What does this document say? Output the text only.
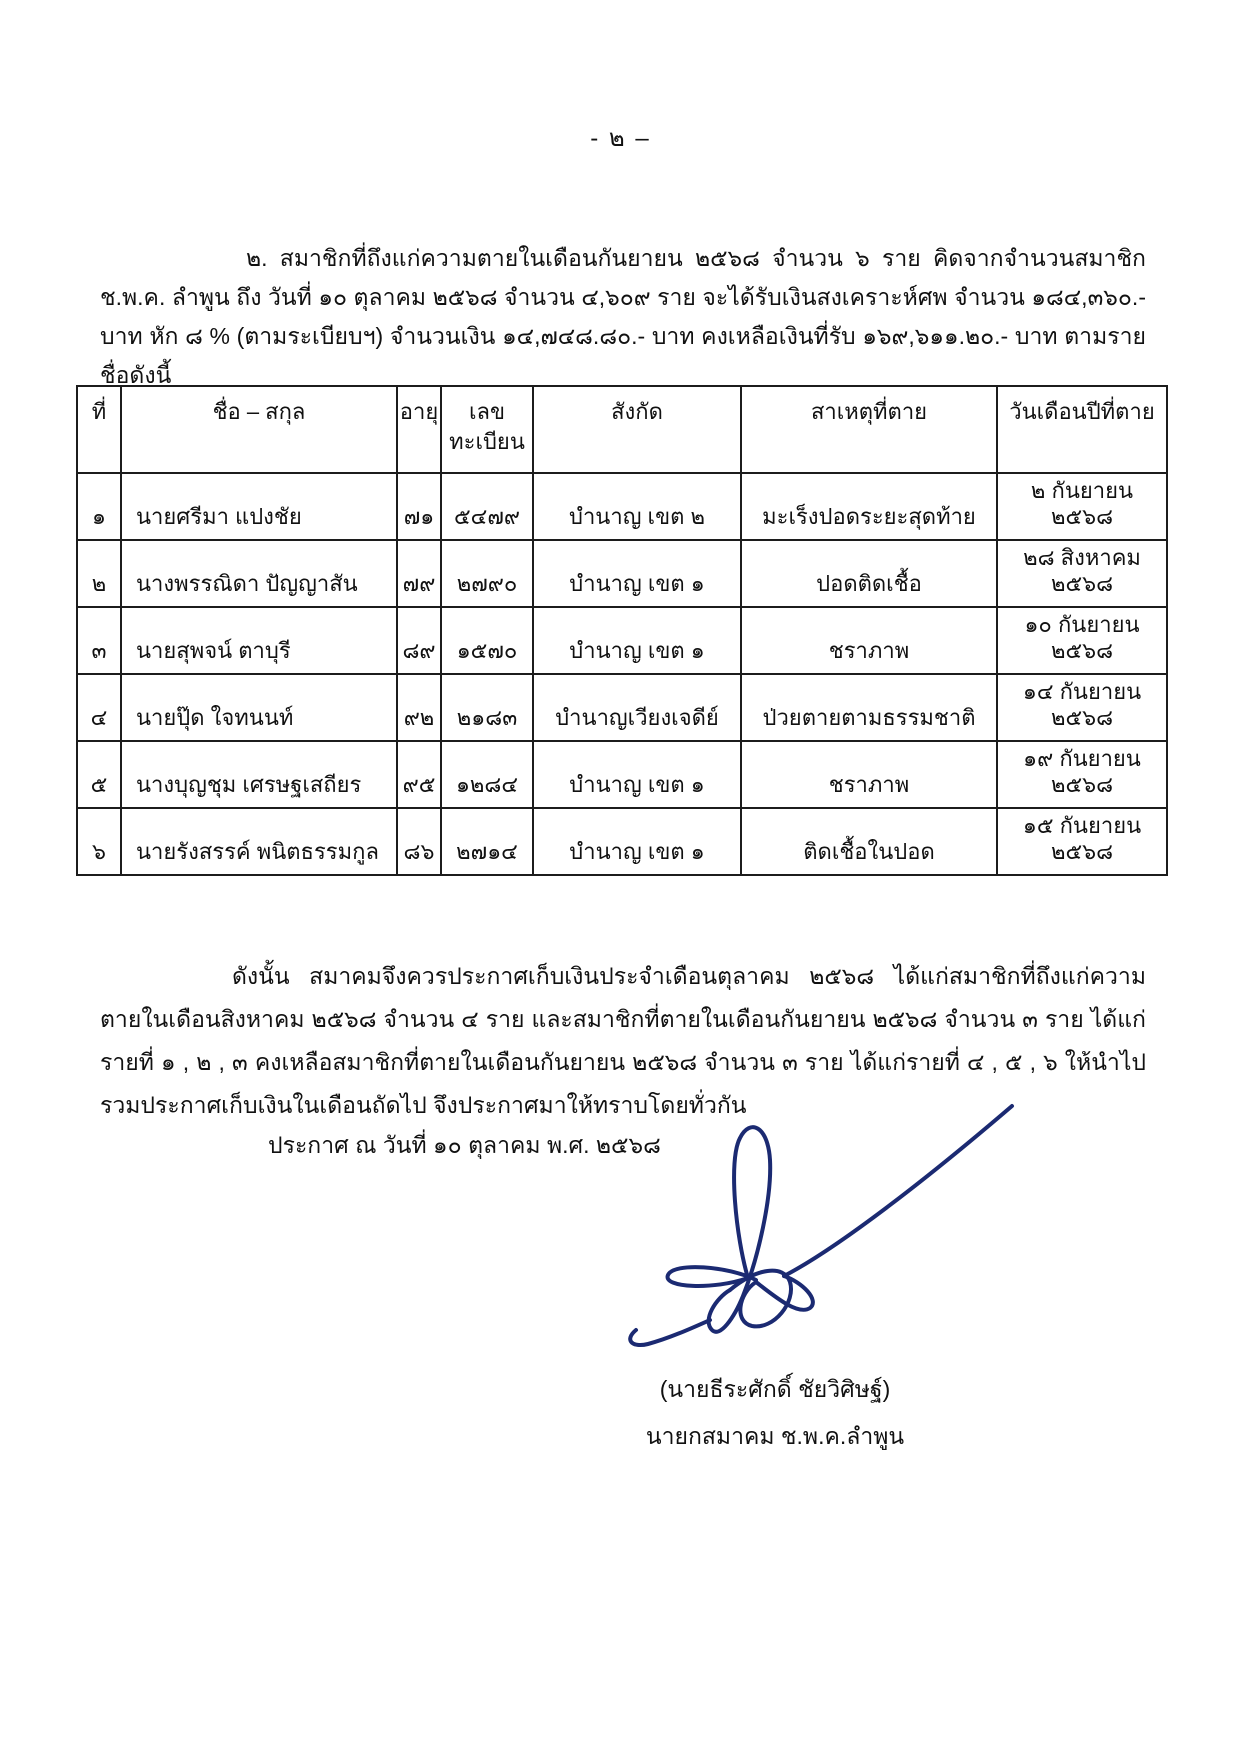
- ๒ –

๒. สมาชิกที่ถึงแก่ความตายในเดือนกันยายน ๒๕๖๘ จำนวน ๖ ราย คิดจากจำนวนสมาชิก ช.พ.ค. ลำพูน ถึง วันที่ ๑๐ ตุลาคม ๒๕๖๘ จำนวน ๔,๖๐๙ ราย จะได้รับเงินสงเคราะห์ศพ จำนวน ๑๘๔,๓๖๐.- บาท หัก ๘ % (ตามระเบียบฯ) จำนวนเงิน ๑๔,๗๔๘.๘๐.- บาท คงเหลือเงินที่รับ ๑๖๙,๖๑๑.๒๐.- บาท ตามรายชื่อดังนี้

ที่	ชื่อ – สกุล	อายุ	เลข ทะเบียน	สังกัด	สาเหตุที่ตาย	วันเดือนปีที่ตาย
๑	นายศรีมา แปงชัย	๗๑	๕๔๗๙	บำนาญ เขต ๒	มะเร็งปอดระยะสุดท้าย	๒ กันยายน ๒๕๖๘
๒	นางพรรณิดา ปัญญาสัน	๗๙	๒๗๙๐	บำนาญ เขต ๑	ปอดติดเชื้อ	๒๘ สิงหาคม ๒๕๖๘
๓	นายสุพจน์ ตาบุรี	๘๙	๑๕๗๐	บำนาญ เขต ๑	ชราภาพ	๑๐ กันยายน ๒๕๖๘
๔	นายปุ๊ด ใจทนนท์	๙๒	๒๑๘๓	บำนาญเวียงเจดีย์	ป่วยตายตามธรรมชาติ	๑๔ กันยายน ๒๕๖๘
๕	นางบุญชุม เศรษฐเสถียร	๙๕	๑๒๘๔	บำนาญ เขต ๑	ชราภาพ	๑๙ กันยายน ๒๕๖๘
๖	นายรังสรรค์ พนิตธรรมกูล	๘๖	๒๗๑๔	บำนาญ เขต ๑	ติดเชื้อในปอด	๑๕ กันยายน ๒๕๖๘

ดังนั้น สมาคมจึงควรประกาศเก็บเงินประจำเดือนตุลาคม ๒๕๖๘ ได้แก่สมาชิกที่ถึงแก่ความตายในเดือนสิงหาคม ๒๕๖๘ จำนวน ๔ ราย และสมาชิกที่ตายในเดือนกันยายน ๒๕๖๘ จำนวน ๓ ราย ได้แก่รายที่ ๑ , ๒ , ๓ คงเหลือสมาชิกที่ตายในเดือนกันยายน ๒๕๖๘ จำนวน ๓ ราย ได้แก่รายที่ ๔ , ๕ , ๖ ให้นำไปรวมประกาศเก็บเงินในเดือนถัดไป จึงประกาศมาให้ทราบโดยทั่วกัน

ประกาศ ณ วันที่ ๑๐ ตุลาคม พ.ศ. ๒๕๖๘
(นายธีระศักดิ์ ชัยวิศิษฐ์)
นายกสมาคม ช.พ.ค.ลำพูน
